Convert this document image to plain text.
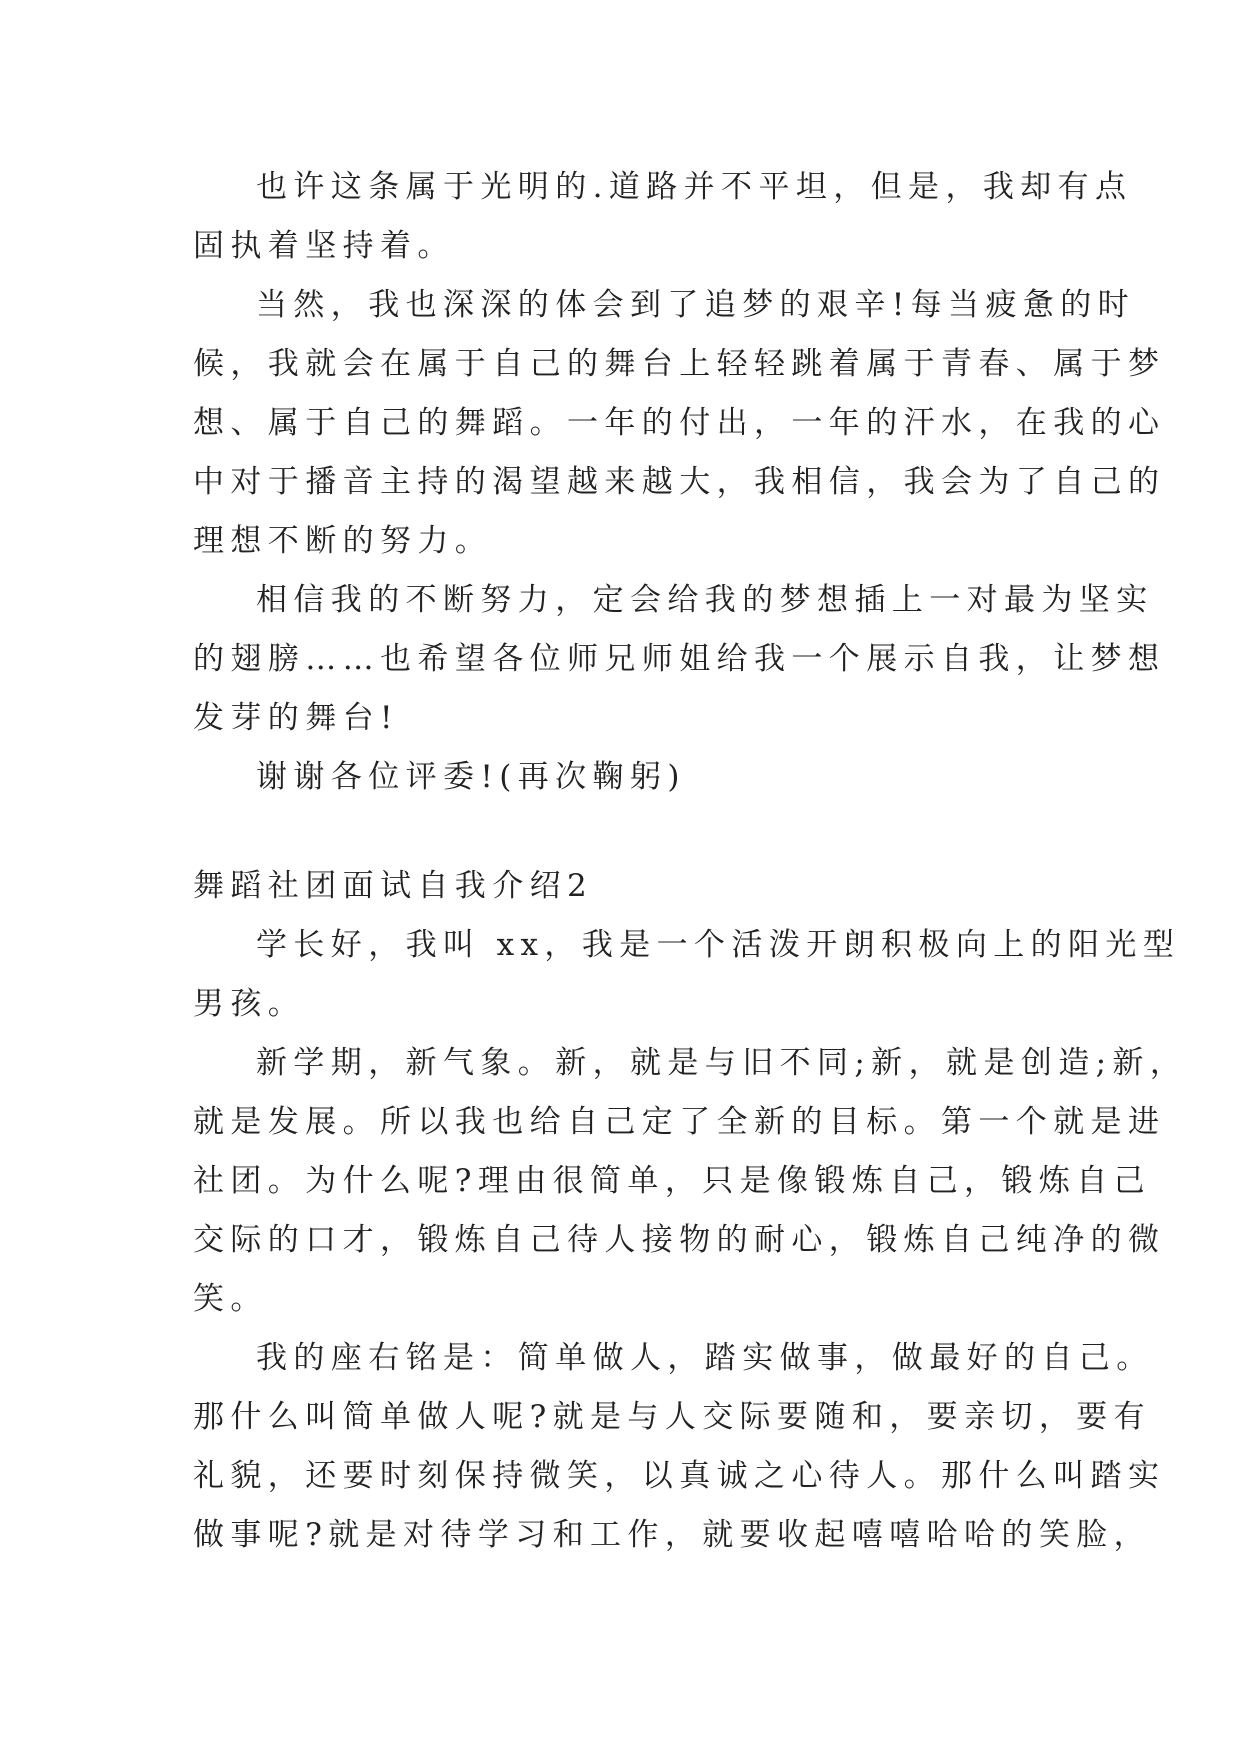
也许这条属于光明的.道路并不平坦，但是，我却有点
固执着坚持着。
当然，我也深深的体会到了追梦的艰辛!每当疲惫的时
候，我就会在属于自己的舞台上轻轻跳着属于青春、属于梦
想、属于自己的舞蹈。一年的付出，一年的汗水，在我的心
中对于播音主持的渴望越来越大，我相信，我会为了自己的
理想不断的努力。
相信我的不断努力，定会给我的梦想插上一对最为坚实
的翅膀……也希望各位师兄师姐给我一个展示自我，让梦想
发芽的舞台!
谢谢各位评委!(再次鞠躬)
舞蹈社团面试自我介绍2
学长好，我叫 xx，我是一个活泼开朗积极向上的阳光型
男孩。
新学期，新气象。新，就是与旧不同;新，就是创造;新，
就是发展。所以我也给自己定了全新的目标。第一个就是进
社团。为什么呢?理由很简单，只是像锻炼自己，锻炼自己
交际的口才，锻炼自己待人接物的耐心，锻炼自己纯净的微
笑。
我的座右铭是：简单做人，踏实做事，做最好的自己。
那什么叫简单做人呢?就是与人交际要随和，要亲切，要有
礼貌，还要时刻保持微笑，以真诚之心待人。那什么叫踏实
做事呢?就是对待学习和工作，就要收起嘻嘻哈哈的笑脸，
